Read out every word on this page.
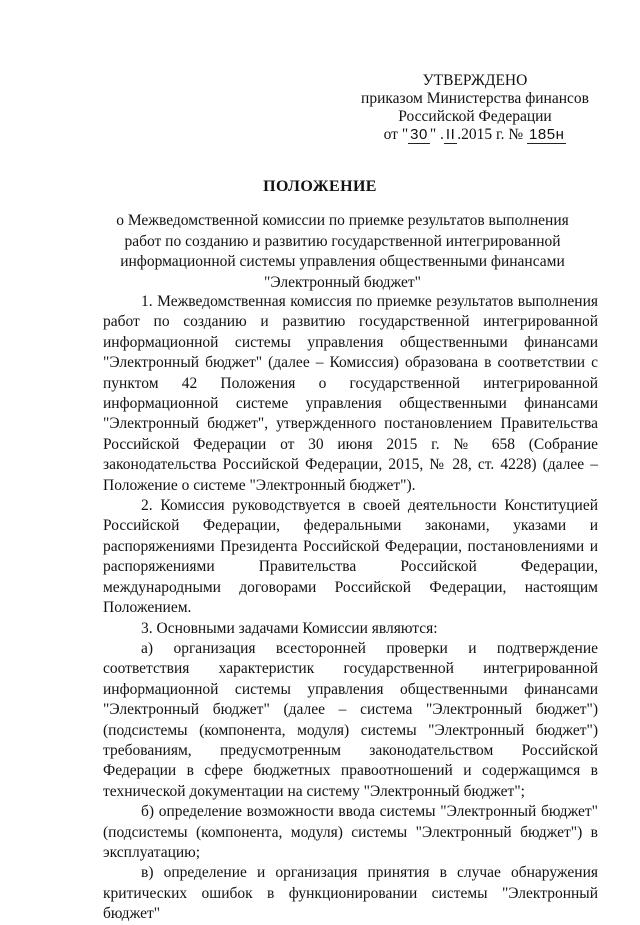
УТВЕРЖДЕНО
приказом Министерства финансов
Российской Федерации
от " 30 " . II .2015 г. № 185н
ПОЛОЖЕНИЕ
о Межведомственной комиссии по приемке результатов выполнения работ по созданию и развитию государственной интегрированной информационной системы управления общественными финансами "Электронный бюджет"

1. Межведомственная комиссия по приемке результатов выполнения работ по созданию и развитию государственной интегрированной информационной системы управления общественными финансами "Электронный бюджет" (далее – Комиссия) образована в соответствии с пунктом 42 Положения о государственной интегрированной информационной системе управления общественными финансами "Электронный бюджет", утвержденного постановлением Правительства Российской Федерации от 30 июня 2015 г. № 658 (Собрание законодательства Российской Федерации, 2015, № 28, ст. 4228) (далее – Положение о системе "Электронный бюджет").

2. Комиссия руководствуется в своей деятельности Конституцией Российской Федерации, федеральными законами, указами и распоряжениями Президента Российской Федерации, постановлениями и распоряжениями Правительства Российской Федерации, международными договорами Российской Федерации, настоящим Положением.

3. Основными задачами Комиссии являются:

а) организация всесторонней проверки и подтверждение соответствия характеристик государственной интегрированной информационной системы управления общественными финансами "Электронный бюджет" (далее – система "Электронный бюджет") (подсистемы (компонента, модуля) системы "Электронный бюджет") требованиям, предусмотренным законодательством Российской Федерации в сфере бюджетных правоотношений и содержащимся в технической документации на систему "Электронный бюджет";

б) определение возможности ввода системы "Электронный бюджет" (подсистемы (компонента, модуля) системы "Электронный бюджет") в эксплуатацию;

в) определение и организация принятия в случае обнаружения критических ошибок в функционировании системы "Электронный бюджет"
